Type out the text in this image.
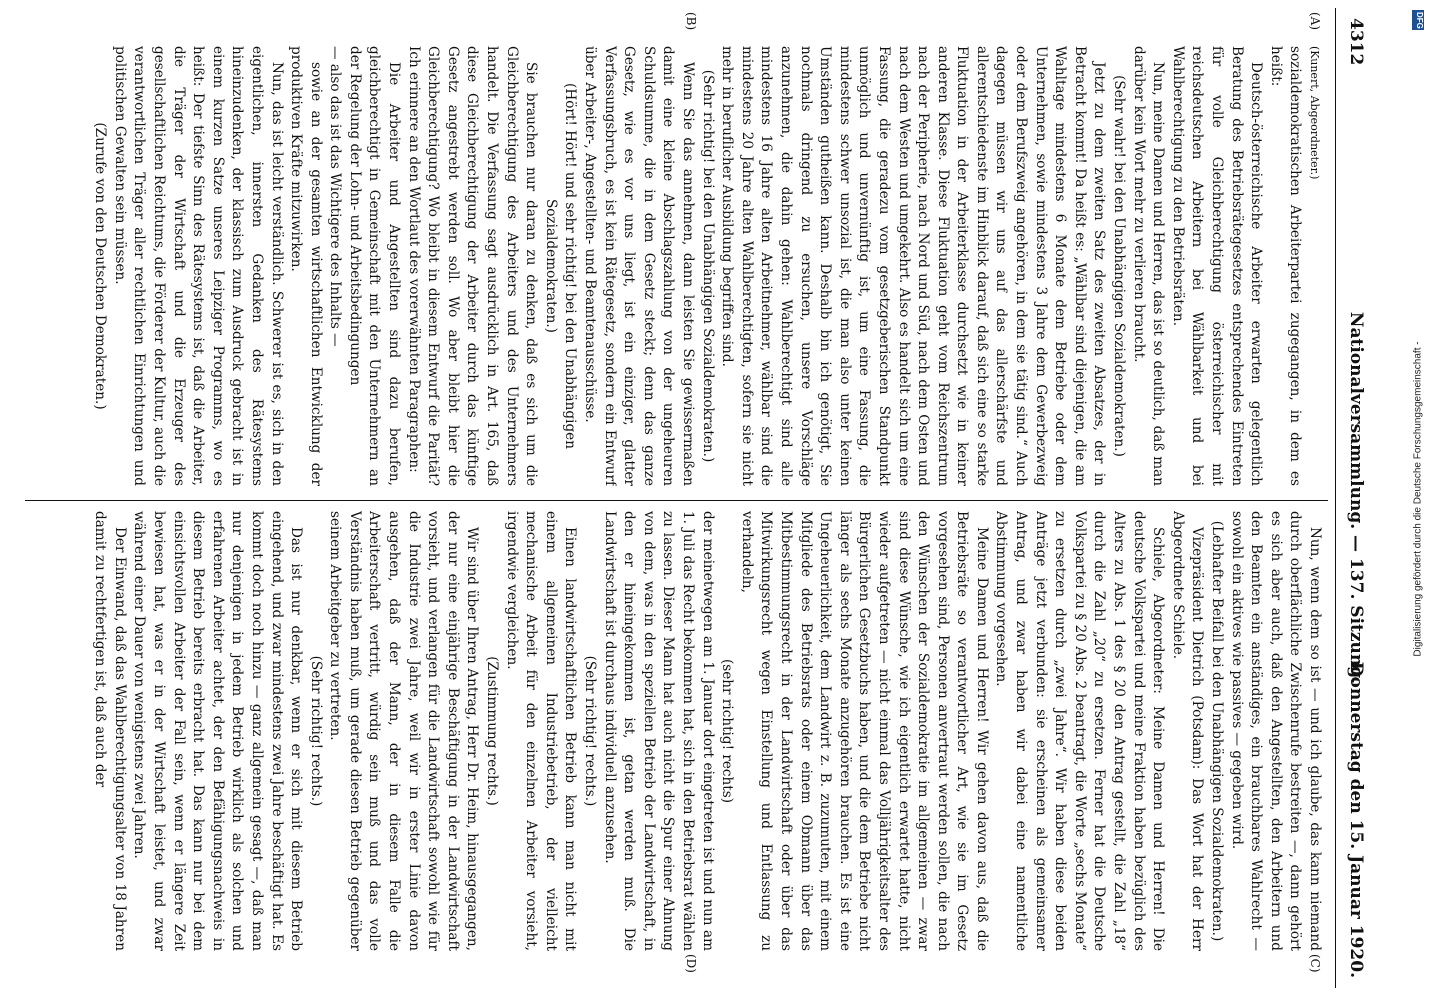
4312
Nationalversammlung. — 137. Sitzung.
Donnerstag den 15. Januar 1920.
(A)
(B)
(C)
(D)

(Kunert, Abgeordneter.)

sozialdemokratischen Arbeiterpartei zugegangen, in dem es heißt:

Deutsch-österreichische Arbeiter erwarten gelegentlich Beratung des Betriebsrätegesetzes entsprechendes Eintreten für volle Gleichberechtigung österreichischer mit reichsdeutschen Arbeitern bei Wählbarkeit und bei Wahlberechtigung zu den Betriebsräten.

Nun, meine Damen und Herren, das ist so deutlich, daß man darüber kein Wort mehr zu verlieren braucht.

(Sehr wahr! bei den Unabhängigen Sozialdemokraten.)

Jetzt zu dem zweiten Satz des zweiten Absatzes, der in Betracht kommt! Da heißt es: „Wählbar sind diejenigen, die am Wahltage mindestens 6 Monate dem Betriebe oder dem Unternehmen, sowie mindestens 3 Jahre dem Gewerbezweig oder dem Berufszweig angehören, in dem sie tätig sind.“ Auch dagegen müssen wir uns auf das allerschärfste und allerentschiedenste im Hinblick darauf, daß sich eine so starke Fluktuation in der Arbeiterklasse durchsetzt wie in keiner anderen Klasse. Diese Fluktuation geht vom Reichszentrum nach der Peripherie, nach Nord und Süd, nach dem Osten und nach dem Westen und umgekehrt. Also es handelt sich um eine Fassung, die geradezu vom gesetzgeberischen Standpunkt unmöglich und unvernünftig ist, um eine Fassung, die mindestens schwer unsozial ist, die man also unter keinen Umständen gutheißen kann. Deshalb bin ich genötigt, Sie nochmals dringend zu ersuchen, unsere Vorschläge anzunehmen, die dahin gehen: Wahlberechtigt sind alle mindestens 16 Jahre alten Arbeitnehmer, wählbar sind die mindestens 20 Jahre alten Wahlberechtigten, sofern sie nicht mehr in beruflicher Ausbildung begriffen sind.

(Sehr richtig! bei den Unabhängigen Sozialdemokraten.)

Wenn Sie das annehmen, dann leisten Sie gewissermaßen damit eine kleine Abschlagszahlung von der ungeheuren Schuldsumme, die in dem Gesetz steckt; denn das ganze Gesetz, wie es vor uns liegt, ist ein einziger, glatter Verfassungsbruch, es ist kein Rätegesetz, sondern ein Entwurf über Arbeiter-, Angestellten- und Beamtenausschüsse.

(Hört! Hört! und sehr richtig! bei den Unabhängigen Sozialdemokraten.)

Sie brauchen nur daran zu denken, daß es sich um die Gleichberechtigung des Arbeiters und des Unternehmers handelt. Die Verfassung sagt ausdrücklich in Art. 165, daß diese Gleichberechtigung der Arbeiter durch das künftige Gesetz angestrebt werden soll. Wo aber bleibt hier die Gleichberechtigung? Wo bleibt in diesem Entwurf die Parität? Ich erinnere an den Wortlaut des vorerwähnten Paragraphen:

Die Arbeiter und Angestellten sind dazu berufen, gleichberechtigt in Gemeinschaft mit den Unternehmern an der Regelung der Lohn- und Arbeitsbedingungen

— also das ist das Wichtigere des Inhalts —

sowie an der gesamten wirtschaftlichen Entwicklung der produktiven Kräfte mitzuwirken.

Nun, das ist leicht verständlich. Schwerer ist es, sich in den eigentlichen, innersten Gedanken des Rätesystems hineinzudenken, der klassisch zum Ausdruck gebracht ist in einem kurzen Satze unseres Leipziger Programms, wo es heißt: Der tiefste Sinn des Rätesystems ist, daß die Arbeiter, die Träger der Wirtschaft und die Erzeuger des gesellschaftlichen Reichtums, die Förderer der Kultur, auch die verantwortlichen Träger aller rechtlichen Einrichtungen und politischen Gewalten sein müssen.

(Zurufe von den Deutschen Demokraten.)

Nun, wenn dem so ist — und ich glaube, das kann niemand durch oberflächliche Zwischenrufe bestreiten —, dann gehört es sich aber auch, daß den Angestellten, den Arbeitern und den Beamten ein anständiges, ein brauchbares Wahlrecht — sowohl ein aktives wie passives — gegeben wird.

(Lebhafter Beifall bei den Unabhängigen Sozialdemokraten.)

Vizepräsident Dietrich (Potsdam): Das Wort hat der Herr Abgeordnete Schiele.

Schiele, Abgeordneter: Meine Damen und Herren! Die deutsche Volkspartei und meine Fraktion haben bezüglich des Alters zu Abs. 1 des § 20 den Antrag gestellt, die Zahl „18“ durch die Zahl „20“ zu ersetzen. Ferner hat die Deutsche Volkspartei zu § 20 Abs. 2 beantragt, die Worte „sechs Monate“ zu ersetzen durch „zwei Jahre“. Wir haben diese beiden Anträge jetzt verbunden: sie erscheinen als gemeinsamer Antrag, und zwar haben wir dabei eine namentliche Abstimmung vorgesehen.

Meine Damen und Herren! Wir gehen davon aus, daß die Betriebsräte so verantwortlicher Art, wie sie im Gesetz vorgesehen sind, Personen anvertraut werden sollen, die nach den Wünschen der Sozialdemokratie im allgemeinen — zwar sind diese Wünsche, wie ich eigentlich erwartet hatte, nicht wieder aufgetreten — nicht einmal das Volljährigkeitsalter des Bürgerlichen Gesetzbuchs haben, und die dem Betriebe nicht länger als sechs Monate anzugehören brauchen. Es ist eine Ungeheuerlichkeit, dem Landwirt z. B. zuzumuten, mit einem Mitgliede des Betriebsrats oder einem Obmann über das Mitbestimmungsrecht in der Landwirtschaft oder über das Mitwirkungsrecht wegen Einstellung und Entlassung zu verhandeln,

(sehr richtig! rechts)

der meinetwegen am 1. Januar dort eingetreten ist und nun am 1. Juli das Recht bekommen hat, sich in den Betriebsrat wählen zu lassen. Dieser Mann hat auch nicht die Spur einer Ahnung von dem, was in den speziellen Betrieb der Landwirtschaft, in den er hineingekommen ist, getan werden muß. Die Landwirtschaft ist durchaus individuell anzusehen.

(Sehr richtig! rechts.)

Einen landwirtschaftlichen Betrieb kann man nicht mit einem allgemeinen Industriebetrieb, der vielleicht mechanische Arbeit für den einzelnen Arbeiter vorsieht, irgendwie vergleichen.

(Zustimmung rechts.)

Wir sind über Ihren Antrag, Herr Dr. Heim, hinausgegangen, der nur eine einjährige Beschäftigung in der Landwirtschaft vorsieht, und verlangen für die Landwirtschaft sowohl wie für die Industrie zwei Jahre, weil wir in erster Linie davon ausgehen, daß der Mann, der in diesem Falle die Arbeiterschaft vertritt, würdig sein muß und das volle Verständnis haben muß, um gerade diesen Betrieb gegenüber seinem Arbeitgeber zu vertreten.

(Sehr richtig! rechts.)

Das ist nur denkbar, wenn er sich mit diesem Betrieb eingehend, und zwar mindestens zwei Jahre beschäftigt hat. Es kommt doch noch hinzu — ganz allgemein gesagt —, daß man nur denjenigen in jedem Betrieb wirklich als solchen und erfahrenen Arbeiter achtet, der den Befähigungsnachweis in diesem Betrieb bereits erbracht hat. Das kann nur bei dem einsichtsvollen Arbeiter der Fall sein, wenn er längere Zeit bewiesen hat, was er in der Wirtschaft leistet, und zwar während einer Dauer von wenigstens zwei Jahren.

Der Einwand, daß das Wahlberechtigungsalter von 18 Jahren damit zu rechtfertigen ist, daß auch der

DFG
Digitalisierung gefördert durch die Deutsche Forschungsgemeinschaft -
